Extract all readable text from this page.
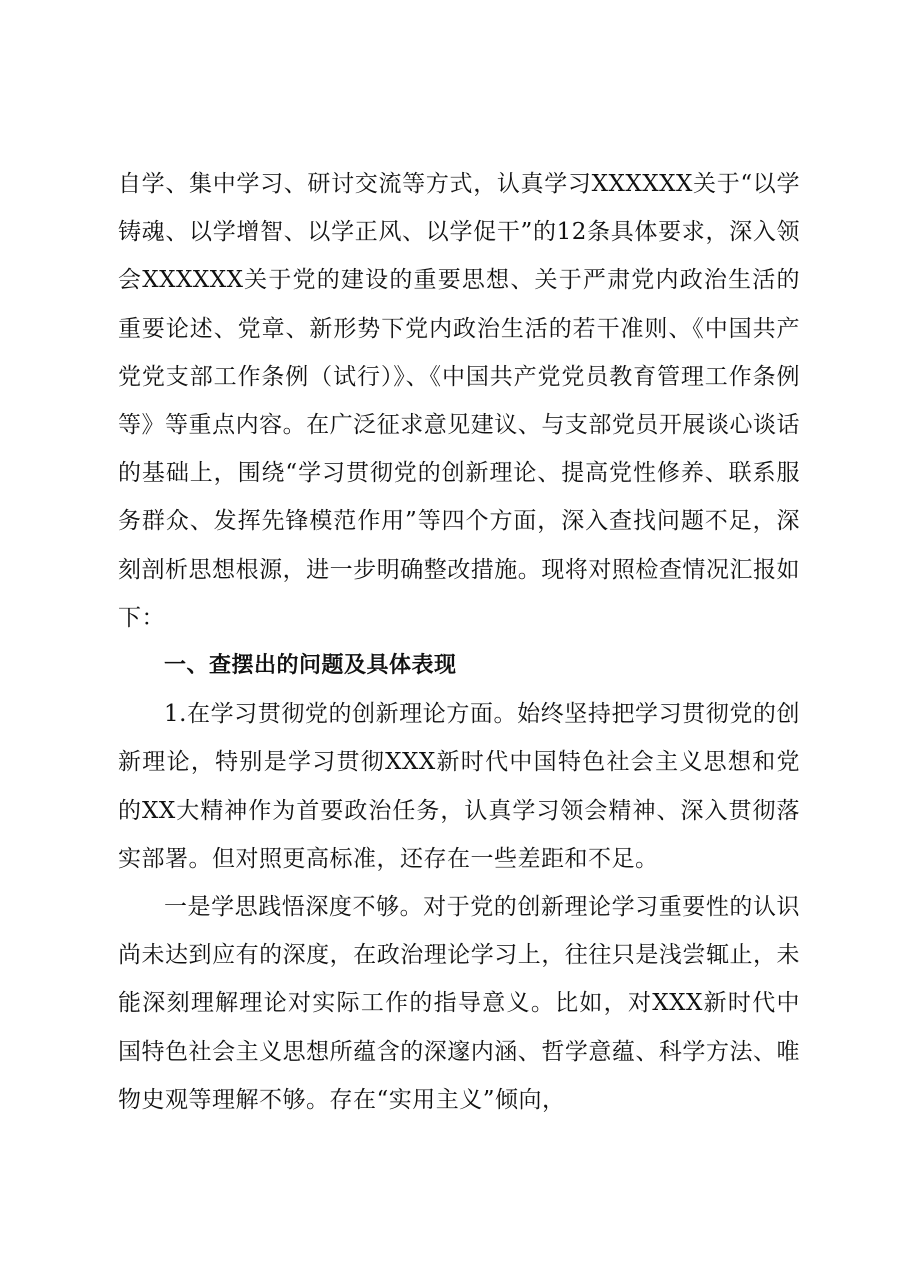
自学、集中学习、研讨交流等方式，认真学习XXXXXX关于“以学铸魂、以学增智、以学正风、以学促干”的12条具体要求，深入领会XXXXXX关于党的建设的重要思想、关于严肃党内政治生活的重要论述、党章、新形势下党内政治生活的若干准则、《中国共产党党支部工作条例（试行）》、《中国共产党党员教育管理工作条例等》等重点内容。在广泛征求意见建议、与支部党员开展谈心谈话的基础上，围绕“学习贯彻党的创新理论、提高党性修养、联系服务群众、发挥先锋模范作用”等四个方面，深入查找问题不足，深刻剖析思想根源，进一步明确整改措施。现将对照检查情况汇报如下：

一、查摆出的问题及具体表现

1.在学习贯彻党的创新理论方面。始终坚持把学习贯彻党的创新理论，特别是学习贯彻XXX新时代中国特色社会主义思想和党的XX大精神作为首要政治任务，认真学习领会精神、深入贯彻落实部署。但对照更高标准，还存在一些差距和不足。

一是学思践悟深度不够。对于党的创新理论学习重要性的认识尚未达到应有的深度，在政治理论学习上，往往只是浅尝辄止，未能深刻理解理论对实际工作的指导意义。比如，对XXX新时代中国特色社会主义思想所蕴含的深邃内涵、哲学意蕴、科学方法、唯物史观等理解不够。存在“实用主义”倾向，
